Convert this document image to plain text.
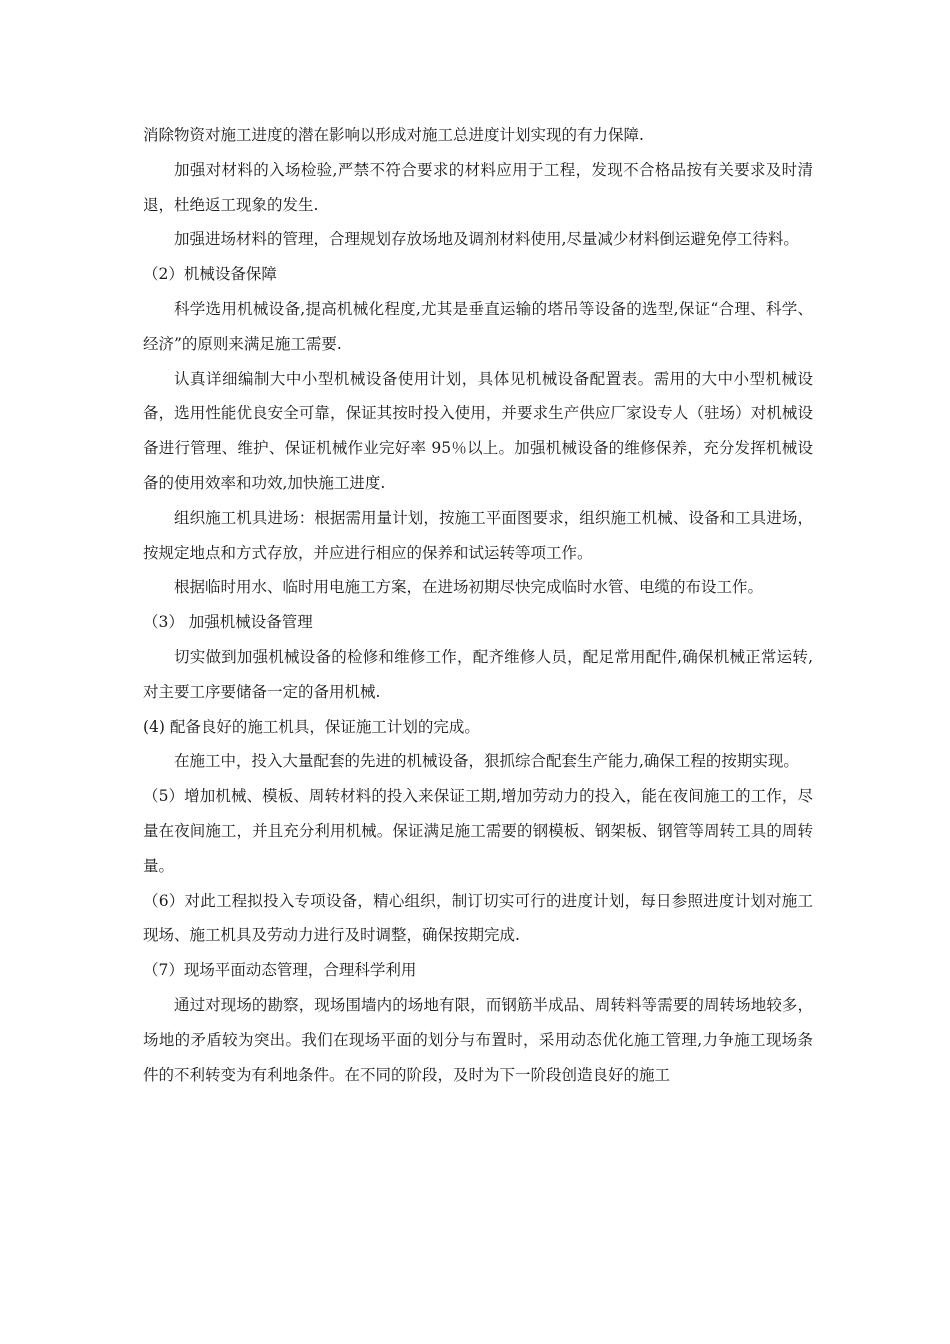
消除物资对施工进度的潜在影响以形成对施工总进度计划实现的有力保障.

加强对材料的入场检验,严禁不符合要求的材料应用于工程，发现不合格品按有关要求及时清退，杜绝返工现象的发生.

加强进场材料的管理，合理规划存放场地及调剂材料使用,尽量减少材料倒运避免停工待料。

（2）机械设备保障

科学选用机械设备,提高机械化程度,尤其是垂直运输的塔吊等设备的选型,保证“合理、科学、经济”的原则来满足施工需要.

认真详细编制大中小型机械设备使用计划，具体见机械设备配置表。需用的大中小型机械设备，选用性能优良安全可靠，保证其按时投入使用，并要求生产供应厂家设专人（驻场）对机械设备进行管理、维护、保证机械作业完好率 95％以上。加强机械设备的维修保养，充分发挥机械设备的使用效率和功效,加快施工进度.

组织施工机具进场：根据需用量计划，按施工平面图要求，组织施工机械、设备和工具进场，按规定地点和方式存放，并应进行相应的保养和试运转等项工作。

根据临时用水、临时用电施工方案，在进场初期尽快完成临时水管、电缆的布设工作。

（3） 加强机械设备管理

切实做到加强机械设备的检修和维修工作，配齐维修人员，配足常用配件,确保机械正常运转,对主要工序要储备一定的备用机械.

(4) 配备良好的施工机具，保证施工计划的完成。

在施工中，投入大量配套的先进的机械设备，狠抓综合配套生产能力,确保工程的按期实现。

（5）增加机械、模板、周转材料的投入来保证工期,增加劳动力的投入，能在夜间施工的工作，尽量在夜间施工，并且充分利用机械。保证满足施工需要的钢模板、钢架板、钢管等周转工具的周转量。

（6）对此工程拟投入专项设备，精心组织，制订切实可行的进度计划，每日参照进度计划对施工现场、施工机具及劳动力进行及时调整，确保按期完成.

（7）现场平面动态管理，合理科学利用

通过对现场的勘察，现场围墙内的场地有限，而钢筋半成品、周转料等需要的周转场地较多，场地的矛盾较为突出。我们在现场平面的划分与布置时，采用动态优化施工管理,力争施工现场条件的不利转变为有利地条件。在不同的阶段，及时为下一阶段创造良好的施工
